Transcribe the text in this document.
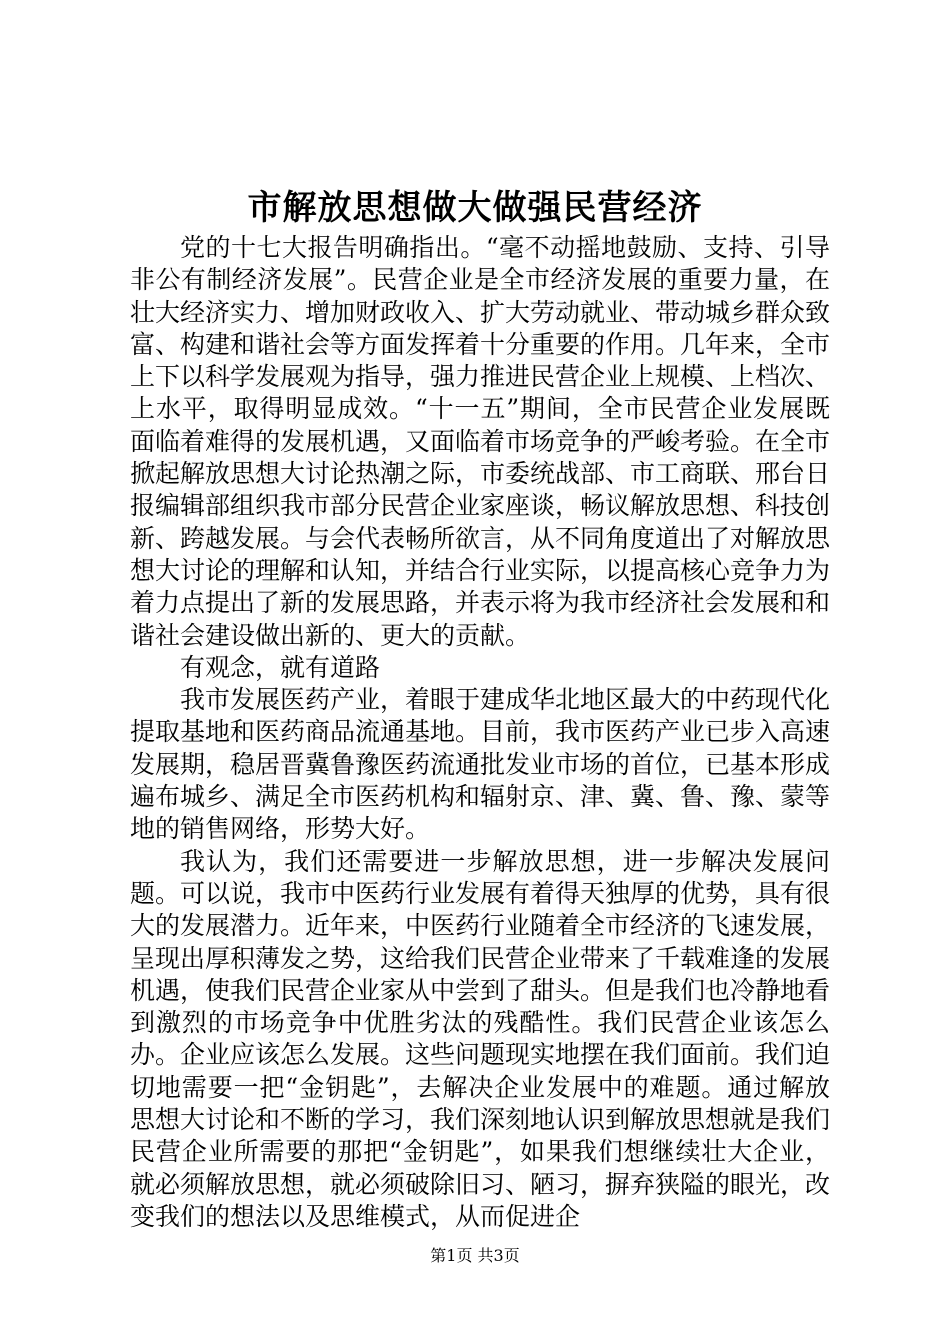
市解放思想做大做强民营经济

党的十七大报告明确指出。“毫不动摇地鼓励、支持、引导非公有制经济发展”。民营企业是全市经济发展的重要力量，在壮大经济实力、增加财政收入、扩大劳动就业、带动城乡群众致富、构建和谐社会等方面发挥着十分重要的作用。几年来，全市上下以科学发展观为指导，强力推进民营企业上规模、上档次、上水平，取得明显成效。“十一五”期间，全市民营企业发展既面临着难得的发展机遇，又面临着市场竞争的严峻考验。在全市掀起解放思想大讨论热潮之际，市委统战部、市工商联、邢台日报编辑部组织我市部分民营企业家座谈，畅议解放思想、科技创新、跨越发展。与会代表畅所欲言，从不同角度道出了对解放思想大讨论的理解和认知，并结合行业实际，以提高核心竞争力为着力点提出了新的发展思路，并表示将为我市经济社会发展和和谐社会建设做出新的、更大的贡献。

有观念，就有道路

我市发展医药产业，着眼于建成华北地区最大的中药现代化提取基地和医药商品流通基地。目前，我市医药产业已步入高速发展期，稳居晋冀鲁豫医药流通批发业市场的首位，已基本形成遍布城乡、满足全市医药机构和辐射京、津、冀、鲁、豫、蒙等地的销售网络，形势大好。

我认为，我们还需要进一步解放思想，进一步解决发展问题。可以说，我市中医药行业发展有着得天独厚的优势，具有很大的发展潜力。近年来，中医药行业随着全市经济的飞速发展，呈现出厚积薄发之势，这给我们民营企业带来了千载难逢的发展机遇，使我们民营企业家从中尝到了甜头。但是我们也冷静地看到激烈的市场竞争中优胜劣汰的残酷性。我们民营企业该怎么办。企业应该怎么发展。这些问题现实地摆在我们面前。我们迫切地需要一把“金钥匙”，去解决企业发展中的难题。通过解放思想大讨论和不断的学习，我们深刻地认识到解放思想就是我们民营企业所需要的那把“金钥匙”，如果我们想继续壮大企业，就必须解放思想，就必须破除旧习、陋习，摒弃狭隘的眼光，改变我们的想法以及思维模式，从而促进企

第1页 共3页
